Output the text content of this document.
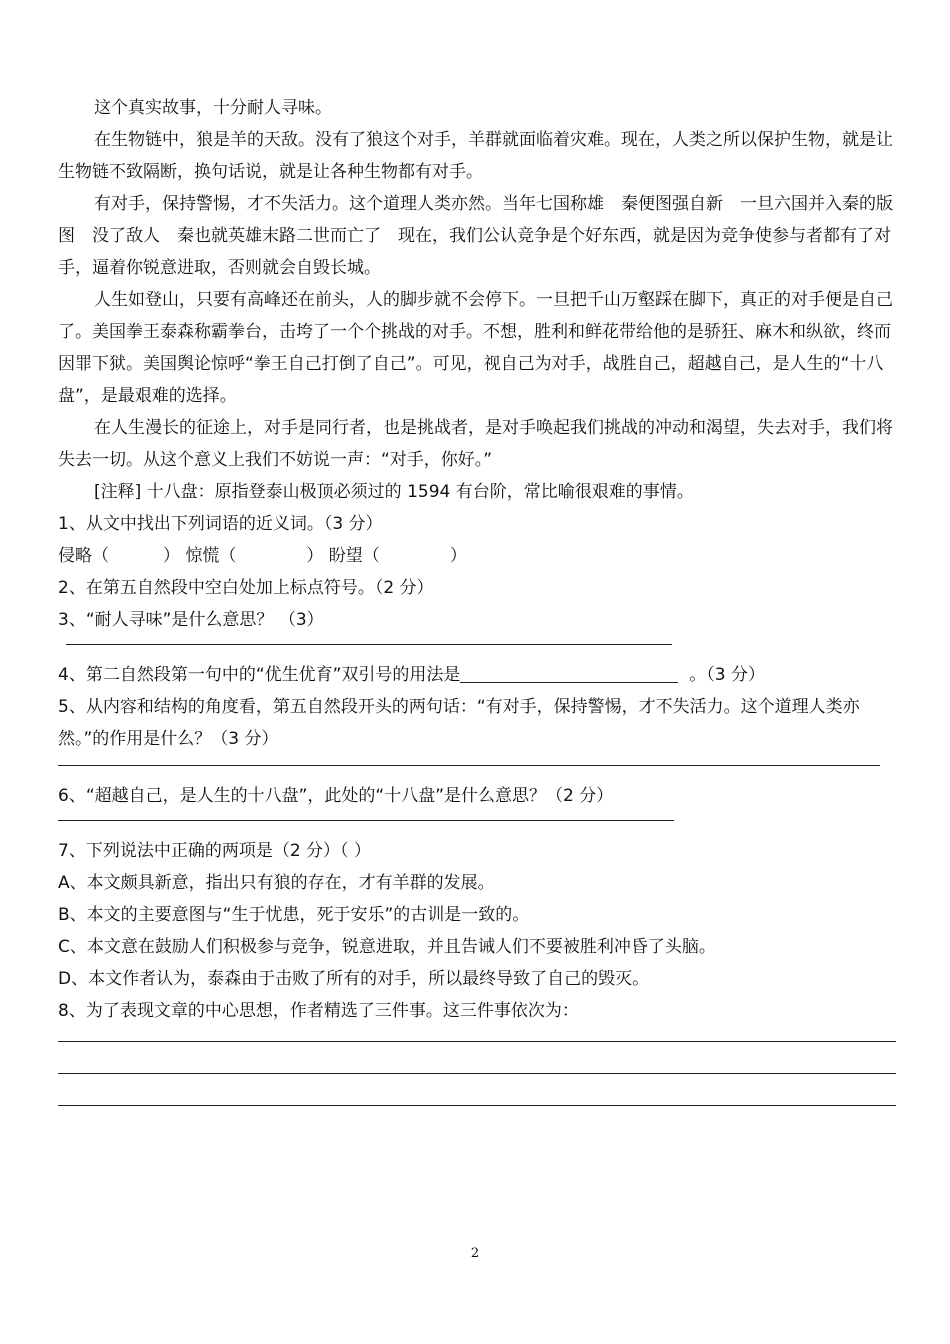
这个真实故事，十分耐人寻味。

在生物链中，狼是羊的天敌。没有了狼这个对手，羊群就面临着灾难。现在，人类之所以保护生物，就是让生物链不致隔断，换句话说，就是让各种生物都有对手。

有对手，保持警惕，才不失活力。这个道理人类亦然。当年七国称雄　秦便图强自新　一旦六国并入秦的版图　没了敌人　秦也就英雄末路二世而亡了　现在，我们公认竞争是个好东西，就是因为竞争使参与者都有了对手，逼着你锐意进取，否则就会自毁长城。

人生如登山，只要有高峰还在前头，人的脚步就不会停下。一旦把千山万壑踩在脚下，真正的对手便是自己了。美国拳王泰森称霸拳台，击垮了一个个挑战的对手。不想，胜利和鲜花带给他的是骄狂、麻木和纵欲，终而因罪下狱。美国舆论惊呼“拳王自己打倒了自己”。可见，视自己为对手，战胜自己，超越自己，是人生的“十八盘”，是最艰难的选择。

在人生漫长的征途上，对手是同行者，也是挑战者，是对手唤起我们挑战的冲动和渴望，失去对手，我们将失去一切。从这个意义上我们不妨说一声：“对手，你好。”

[注释] 十八盘：原指登泰山极顶必须过的 1594 有台阶，常比喻很艰难的事情。

1、从文中找出下列词语的近义词。（3 分）

侵略（	） 惊慌（	） 盼望（	）

2、在第五自然段中空白处加上标点符号。（2 分）

3、“耐人寻味”是什么意思？ （3）

4、第二自然段第一句中的“优生优育”双引号的用法是	。（3 分）

5、从内容和结构的角度看，第五自然段开头的两句话：“有对手，保持警惕，才不失活力。这个道理人类亦然。”的作用是什么？（3 分）

6、“超越自己，是人生的十八盘”，此处的“十八盘”是什么意思？（2 分）

7、下列说法中正确的两项是（2 分）（ ）

A、本文颇具新意，指出只有狼的存在，才有羊群的发展。

B、本文的主要意图与“生于忧患，死于安乐”的古训是一致的。

C、本文意在鼓励人们积极参与竞争，锐意进取，并且告诫人们不要被胜利冲昏了头脑。

D、本文作者认为，泰森由于击败了所有的对手，所以最终导致了自己的毁灭。

8、为了表现文章的中心思想，作者精选了三件事。这三件事依次为：

2
